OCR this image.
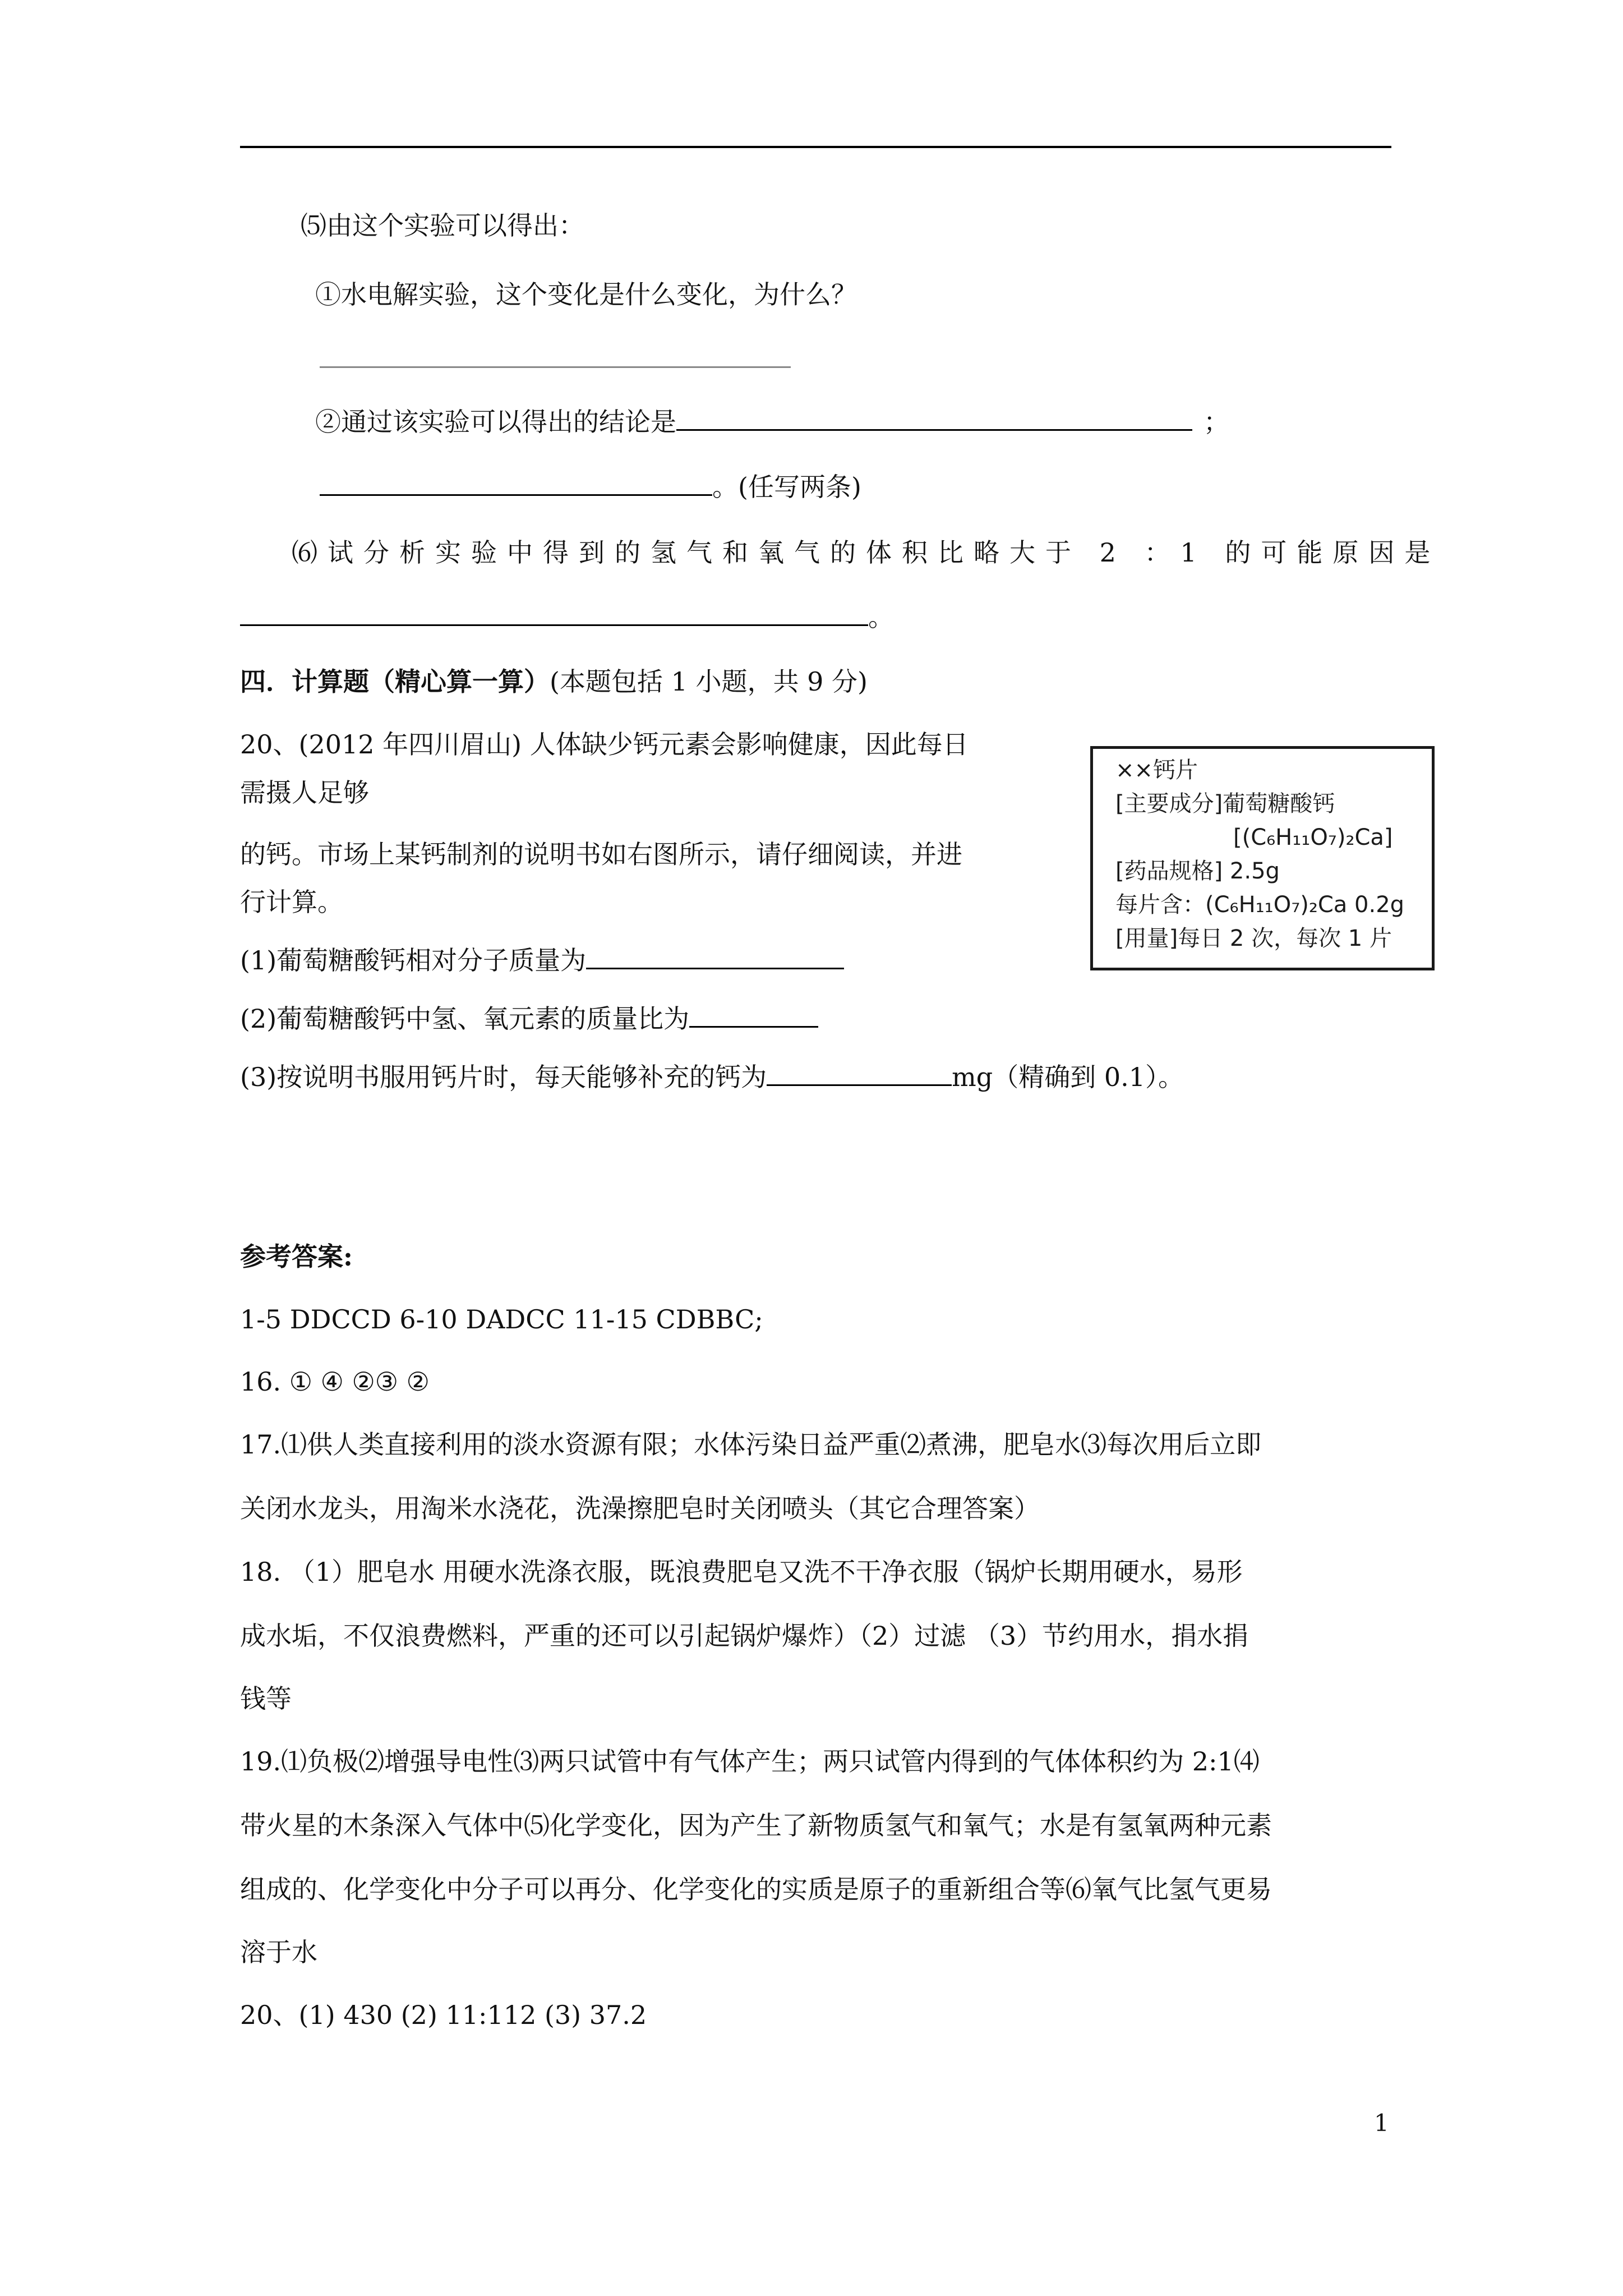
⑸由这个实验可以得出：
①水电解实验，这个变化是什么变化，为什么？
②通过该实验可以得出的结论是	；
。(任写两条)
⑹试分析实验中得到的氢气和氧气的体积比略大于 2 ：1 的可能原因是
。
四．计算题（精心算一算）(本题包括 1 小题，共 9 分)
20、(2012 年四川眉山) 人体缺少钙元素会影响健康，因此每日
需摄人足够
的钙。市场上某钙制剂的说明书如右图所示，请仔细阅读，并进
行计算。
(1)葡萄糖酸钙相对分子质量为
(2)葡萄糖酸钙中氢、氧元素的质量比为
(3)按说明书服用钙片时，每天能够补充的钙为	mg（精确到 0.1）。
××钙片
[主要成分]葡萄糖酸钙
[(C₆H₁₁O₇)₂Ca]
[药品规格] 2.5g
每片含：(C₆H₁₁O₇)₂Ca 0.2g
[用量]每日 2 次，每次 1 片
参考答案:
1-5 DDCCD 6-10 DADCC 11-15 CDBBC;
16. ① ④ ②③ ②
17.⑴供人类直接利用的淡水资源有限；水体污染日益严重⑵煮沸，肥皂水⑶每次用后立即
关闭水龙头，用淘米水浇花，洗澡擦肥皂时关闭喷头（其它合理答案）
18. （1）肥皂水 用硬水洗涤衣服，既浪费肥皂又洗不干净衣服（锅炉长期用硬水，易形
成水垢，不仅浪费燃料，严重的还可以引起锅炉爆炸）（2）过滤 （3）节约用水，捐水捐
钱等
19.⑴负极⑵增强导电性⑶两只试管中有气体产生；两只试管内得到的气体体积约为 2:1⑷
带火星的木条深入气体中⑸化学变化，因为产生了新物质氢气和氧气；水是有氢氧两种元素
组成的、化学变化中分子可以再分、化学变化的实质是原子的重新组合等⑹氧气比氢气更易
溶于水
20、(1) 430 (2) 11:112 (3) 37.2
1
